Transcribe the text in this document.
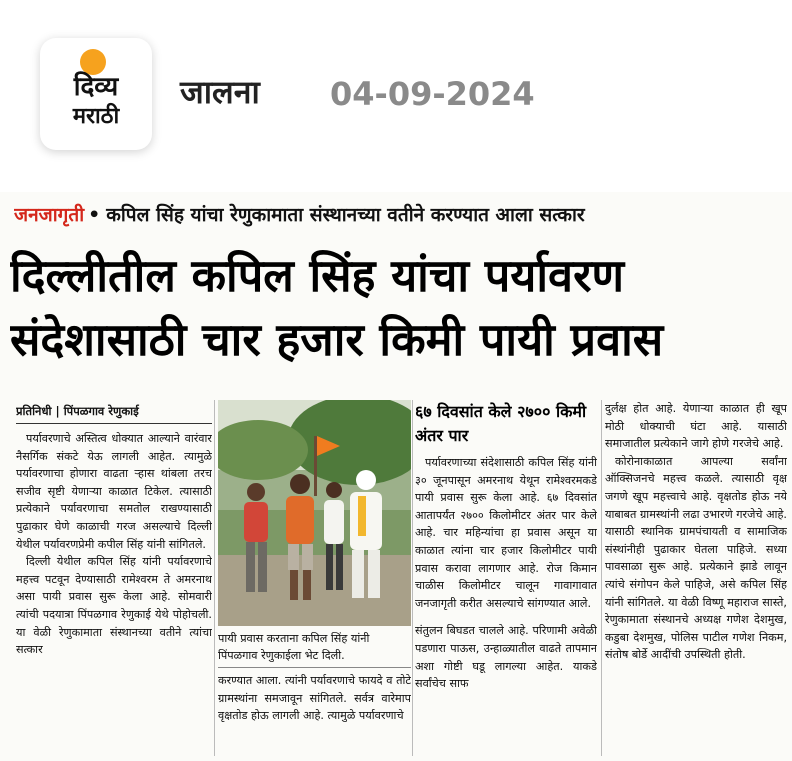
दिव्य
मराठी
जालना 04-09-2024
जनजागृती • कपिल सिंह यांचा रेणुकामाता संस्थानच्या वतीने करण्यात आला सत्कार
दिल्लीतील कपिल सिंह यांचा पर्यावरण
संदेशासाठी चार हजार किमी पायी प्रवास
प्रतिनिधी | पिंपळगाव रेणुकाई

पर्यावरणाचे अस्तित्व धोक्यात आल्याने वारंवार नैसर्गिक संकटे येऊ लागली आहेत. त्यामुळे पर्यावरणाचा होणारा वाढता ऱ्हास थांबला तरच सजीव सृष्टी येणाऱ्या काळात टिकेल. त्यासाठी प्रत्येकाने पर्यावरणाचा समतोल राखण्यासाठी पुढाकार घेणे काळाची गरज असल्याचे दिल्ली येथील पर्यावरणप्रेमी कपील सिंह यांनी सांगितले.

दिल्ली येथील कपिल सिंह यांनी पर्यावरणाचे महत्त्व पटवून देण्यासाठी रामेश्वरम ते अमरनाथ असा पायी प्रवास सुरू केला आहे. सोमवारी त्यांची पदयात्रा पिंपळगाव रेणुकाई येथे पोहोचली. या वेळी रेणुकामाता संस्थानच्या वतीने त्यांचा सत्कार

पायी प्रवास करताना कपिल सिंह यांनी पिंपळगाव रेणुकाईला भेट दिली.

करण्यात आला. त्यांनी पर्यावरणाचे फायदे व तोटे ग्रामस्थांना समजावून सांगितले. सर्वत्र वारेमाप वृक्षतोड होऊ लागली आहे. त्यामुळे पर्यावरणाचे

६७ दिवसांत केले २७०० किमी अंतर पार

पर्यावरणाच्या संदेशासाठी कपिल सिंह यांनी ३० जूनपासून अमरनाथ येथून रामेश्वरमकडे पायी प्रवास सुरू केला आहे. ६७ दिवसांत आतापर्यंत २७०० किलोमीटर अंतर पार केले आहे. चार महिन्यांचा हा प्रवास असून या काळात त्यांना चार हजार किलोमीटर पायी प्रवास करावा लागणार आहे. रोज किमान चाळीस किलोमीटर चालून गावागावात जनजागृती करीत असल्याचे सांगण्यात आले.

संतुलन बिघडत चालले आहे. परिणामी अवेळी पडणारा पाऊस, उन्हाळ्यातील वाढते तापमान अशा गोष्टी घडू लागल्या आहेत. याकडे सर्वांचेच साफ

दुर्लक्ष होत आहे. येणाऱ्या काळात ही खूप मोठी धोक्याची घंटा आहे. यासाठी समाजातील प्रत्येकाने जागे होणे गरजेचे आहे.

कोरोनाकाळात आपल्या सर्वांना ऑक्सिजनचे महत्त्व कळले. त्यासाठी वृक्ष जगणे खूप महत्त्वाचे आहे. वृक्षतोड होऊ नये याबाबत ग्रामस्थांनी लढा उभारणे गरजेचे आहे. यासाठी स्थानिक ग्रामपंचायती व सामाजिक संस्थांनीही पुढाकार घेतला पाहिजे. सध्या पावसाळा सुरू आहे. प्रत्येकाने झाडे लावून त्यांचे संगोपन केले पाहिजे, असे कपिल सिंह यांनी सांगितले. या वेळी विष्णू महाराज सास्ते, रेणुकामाता संस्थानचे अध्यक्ष गणेश देशमुख, कडुबा देशमुख, पोलिस पाटील गणेश निकम, संतोष बोर्डे आदींची उपस्थिती होती.
